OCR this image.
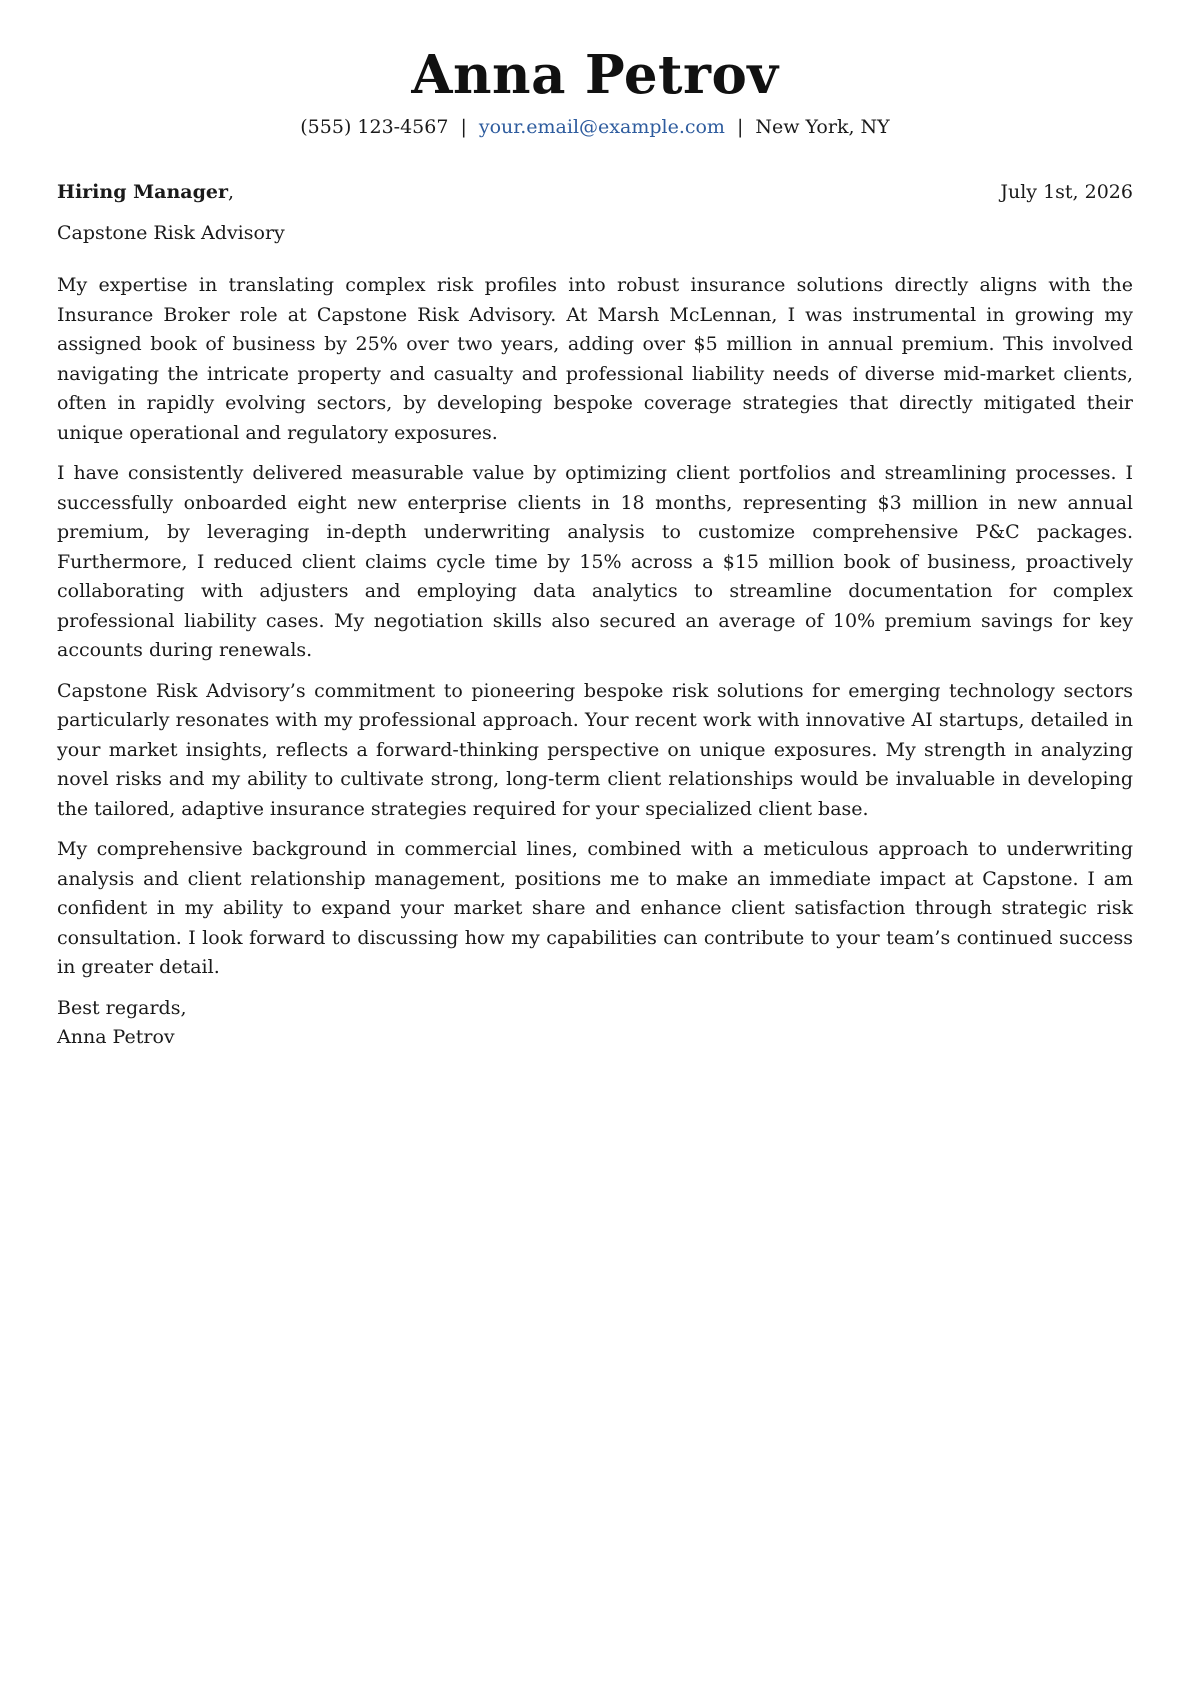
Anna Petrov
(555) 123-4567 | your.email@example.com | New York, NY
Hiring Manager,	July 1st, 2026
Capstone Risk Advisory

My expertise in translating complex risk profiles into robust insurance solutions directly aligns with the Insurance Broker role at Capstone Risk Advisory. At Marsh McLennan, I was instrumental in growing my assigned book of business by 25% over two years, adding over $5 million in annual premium. This involved navigating the intricate property and casualty and professional liability needs of diverse mid-market clients, often in rapidly evolving sectors, by developing bespoke coverage strategies that directly mitigated their unique operational and regulatory exposures.

I have consistently delivered measurable value by optimizing client portfolios and streamlining processes. I successfully onboarded eight new enterprise clients in 18 months, representing $3 million in new annual premium, by leveraging in-depth underwriting analysis to customize comprehensive P&C packages. Furthermore, I reduced client claims cycle time by 15% across a $15 million book of business, proactively collaborating with adjusters and employing data analytics to streamline documentation for complex professional liability cases. My negotiation skills also secured an average of 10% premium savings for key accounts during renewals.

Capstone Risk Advisory’s commitment to pioneering bespoke risk solutions for emerging technology sectors particularly resonates with my professional approach. Your recent work with innovative AI startups, detailed in your market insights, reflects a forward-thinking perspective on unique exposures. My strength in analyzing novel risks and my ability to cultivate strong, long-term client relationships would be invaluable in developing the tailored, adaptive insurance strategies required for your specialized client base.

My comprehensive background in commercial lines, combined with a meticulous approach to underwriting analysis and client relationship management, positions me to make an immediate impact at Capstone. I am confident in my ability to expand your market share and enhance client satisfaction through strategic risk consultation. I look forward to discussing how my capabilities can contribute to your team’s continued success in greater detail.

Best regards,
Anna Petrov
